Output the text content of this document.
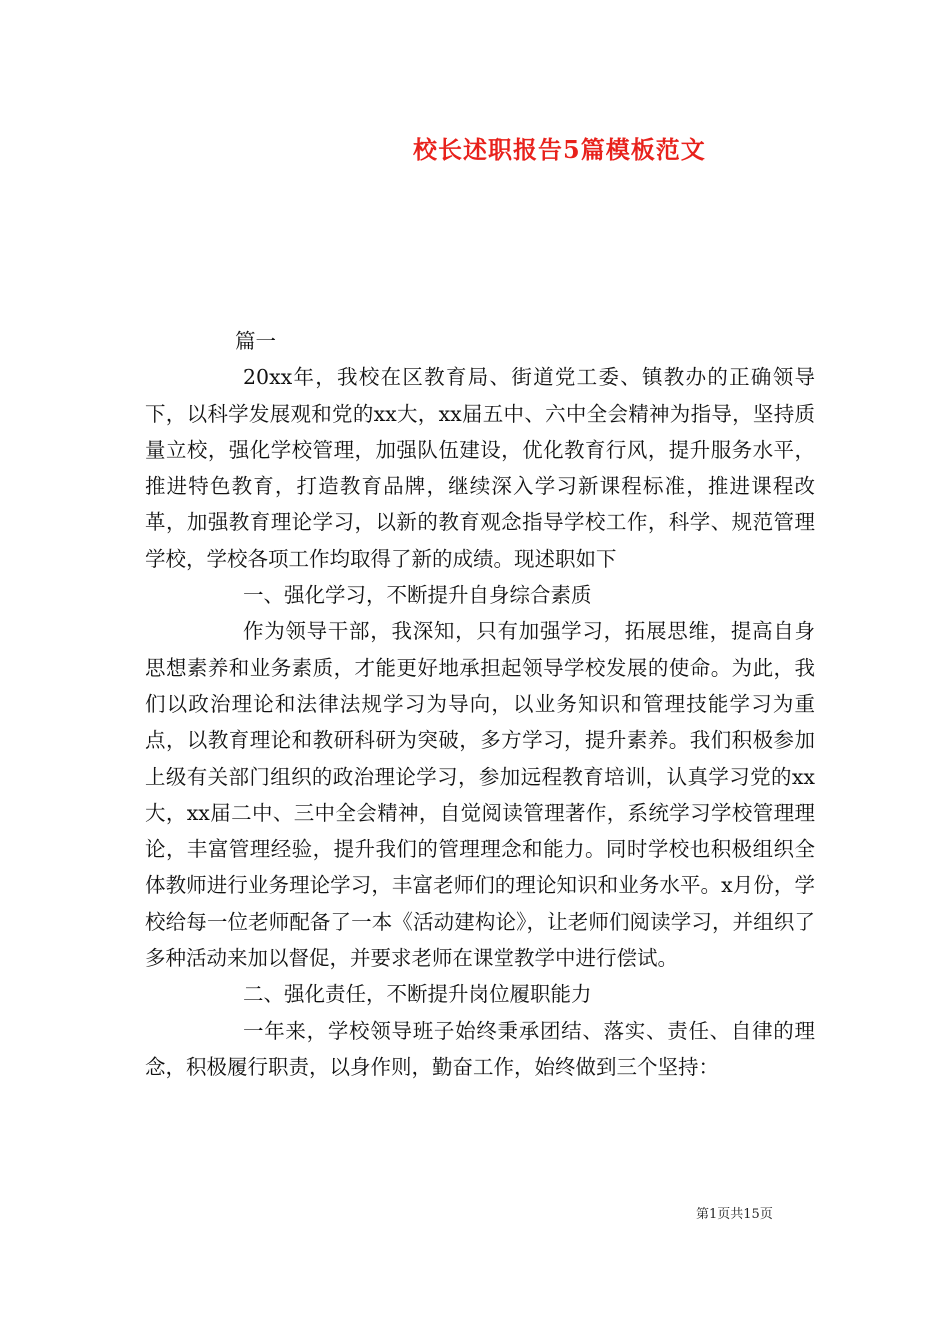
校长述职报告5篇模板范文

篇一

20xx年，我校在区教育局、街道党工委、镇教办的正确领导下，以科学发展观和党的xx大，xx届五中、六中全会精神为指导，坚持质量立校，强化学校管理，加强队伍建设，优化教育行风，提升服务水平，推进特色教育，打造教育品牌，继续深入学习新课程标准，推进课程改革，加强教育理论学习，以新的教育观念指导学校工作，科学、规范管理学校，学校各项工作均取得了新的成绩。现述职如下

一、强化学习，不断提升自身综合素质

作为领导干部，我深知，只有加强学习，拓展思维，提高自身思想素养和业务素质，才能更好地承担起领导学校发展的使命。为此，我们以政治理论和法律法规学习为导向，以业务知识和管理技能学习为重点，以教育理论和教研科研为突破，多方学习，提升素养。我们积极参加上级有关部门组织的政治理论学习，参加远程教育培训，认真学习党的xx大，xx届二中、三中全会精神，自觉阅读管理著作，系统学习学校管理理论，丰富管理经验，提升我们的管理理念和能力。同时学校也积极组织全体教师进行业务理论学习，丰富老师们的理论知识和业务水平。x月份，学校给每一位老师配备了一本《活动建构论》，让老师们阅读学习，并组织了多种活动来加以督促，并要求老师在课堂教学中进行偿试。

二、强化责任，不断提升岗位履职能力

一年来，学校领导班子始终秉承团结、落实、责任、自律的理念，积极履行职责，以身作则，勤奋工作，始终做到三个坚持：

第1页共15页
